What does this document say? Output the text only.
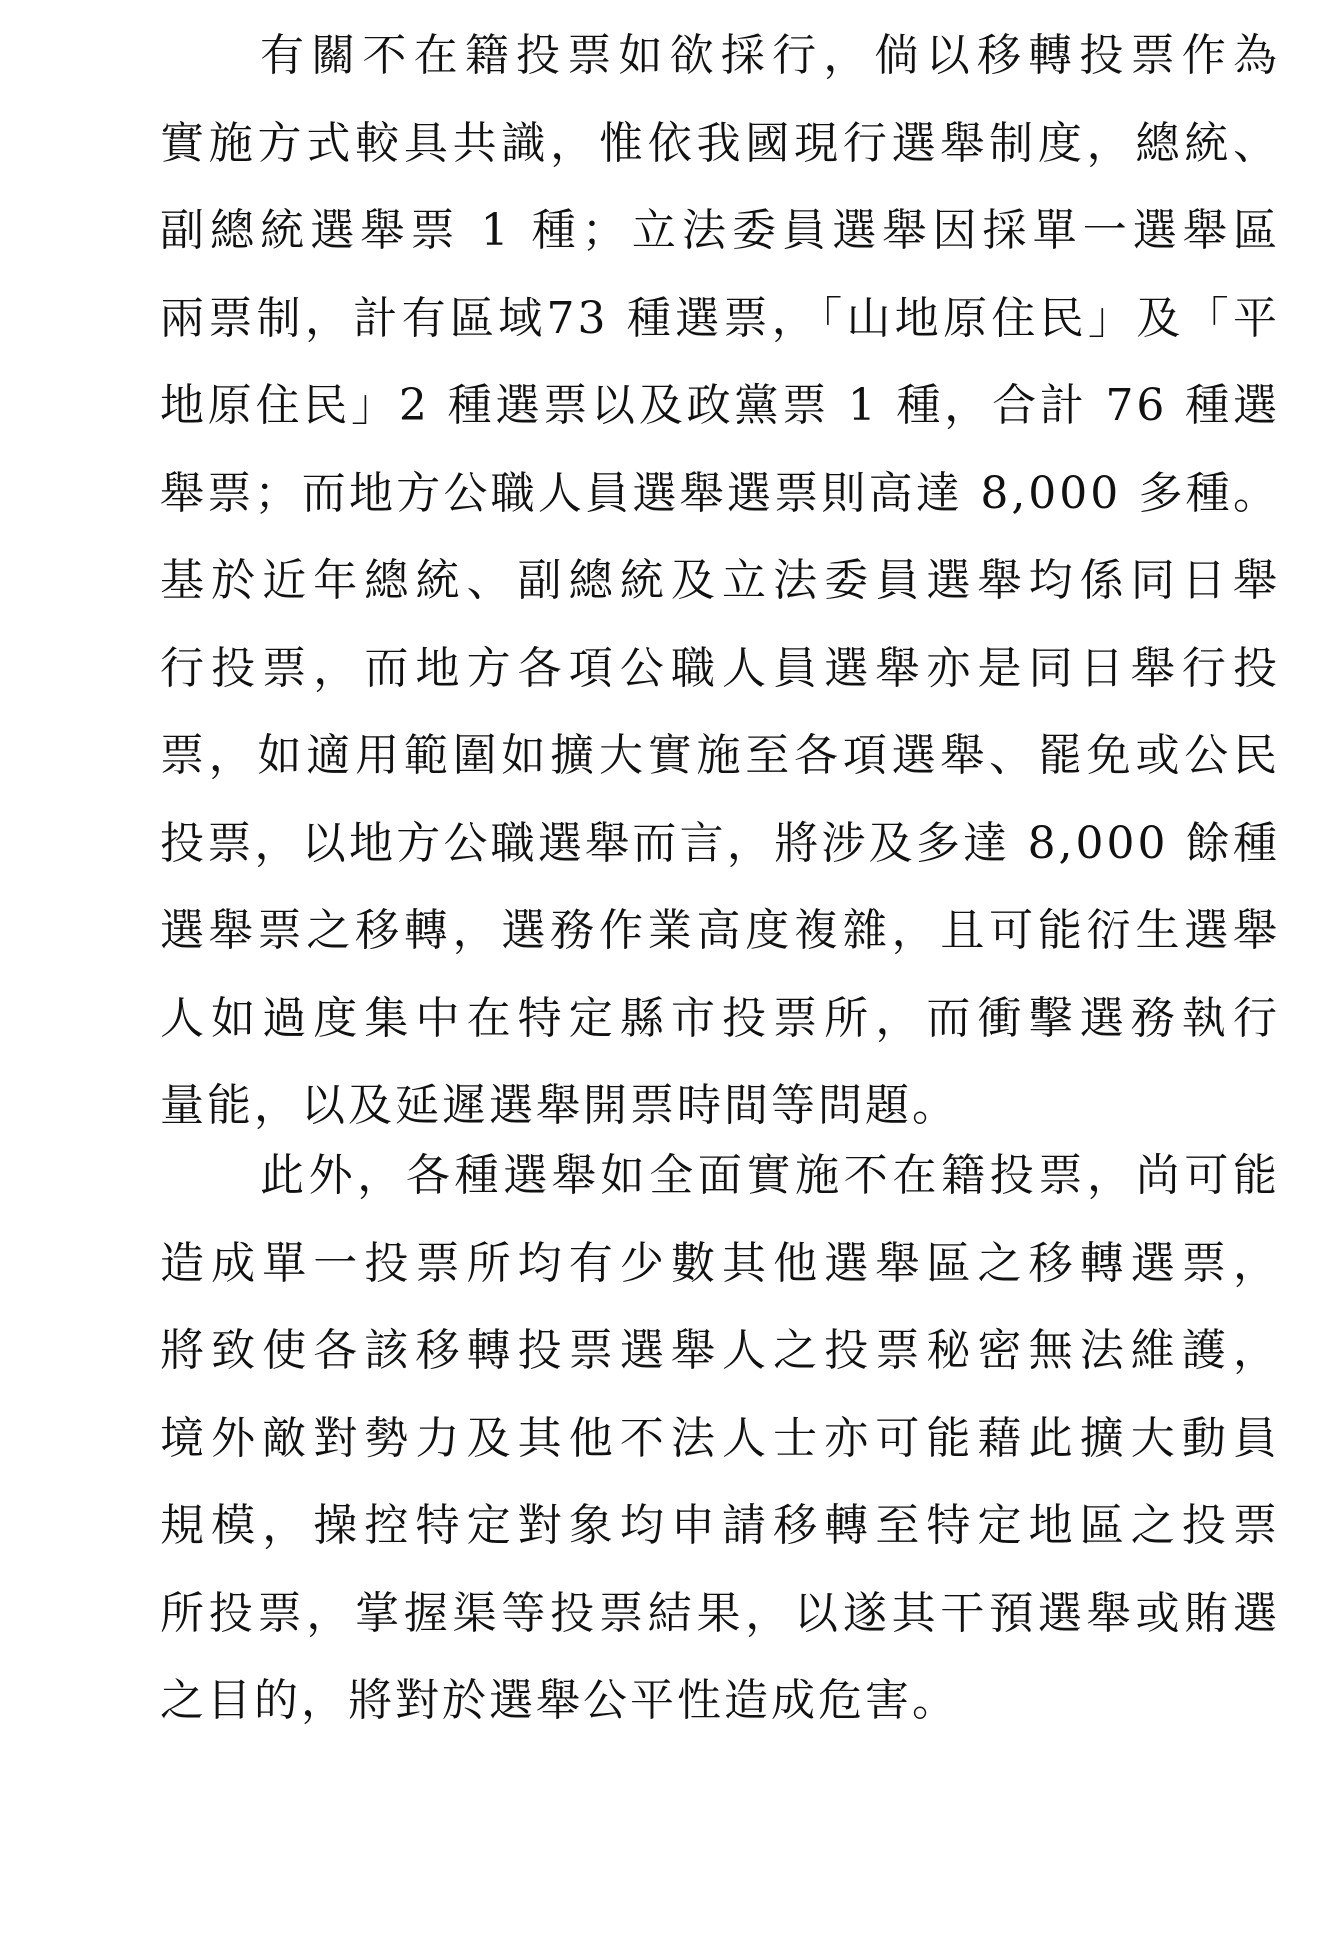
有關不在籍投票如欲採行，倘以移轉投票作為
實施方式較具共識，惟依我國現行選舉制度，總統、
副總統選舉票 1 種；立法委員選舉因採單一選舉區
兩票制，計有區域73 種選票，「山地原住民」及「平
地原住民」2 種選票以及政黨票 1 種，合計 76 種選
舉票；而地方公職人員選舉選票則高達 8,000 多種。
基於近年總統、副總統及立法委員選舉均係同日舉
行投票，而地方各項公職人員選舉亦是同日舉行投
票，如適用範圍如擴大實施至各項選舉、罷免或公民
投票，以地方公職選舉而言，將涉及多達 8,000 餘種
選舉票之移轉，選務作業高度複雜，且可能衍生選舉
人如過度集中在特定縣市投票所，而衝擊選務執行
量能，以及延遲選舉開票時間等問題。
此外，各種選舉如全面實施不在籍投票，尚可能
造成單一投票所均有少數其他選舉區之移轉選票，
將致使各該移轉投票選舉人之投票秘密無法維護，
境外敵對勢力及其他不法人士亦可能藉此擴大動員
規模，操控特定對象均申請移轉至特定地區之投票
所投票，掌握渠等投票結果，以遂其干預選舉或賄選
之目的，將對於選舉公平性造成危害。
